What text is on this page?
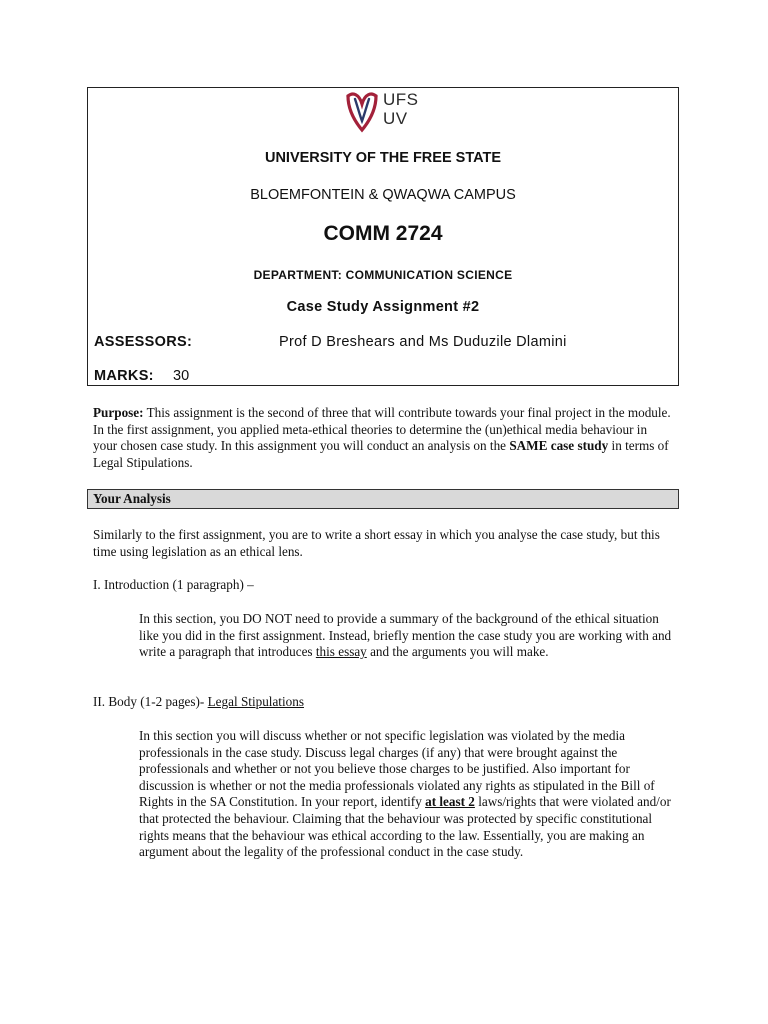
UFS
UV
UNIVERSITY OF THE FREE STATE
BLOEMFONTEIN & QWAQWA CAMPUS
COMM 2724
DEPARTMENT: COMMUNICATION SCIENCE
Case Study Assignment #2
ASSESSORS:	Prof D Breshears and Ms Duduzile Dlamini
MARKS: 30
Purpose: This assignment is the second of three that will contribute towards your final project in the module. In the first assignment, you applied meta-ethical theories to determine the (un)ethical media behaviour in your chosen case study. In this assignment you will conduct an analysis on the SAME case study in terms of Legal Stipulations.
Your Analysis
Similarly to the first assignment, you are to write a short essay in which you analyse the case study, but this time using legislation as an ethical lens.
I. Introduction (1 paragraph) –
In this section, you DO NOT need to provide a summary of the background of the ethical situation like you did in the first assignment. Instead, briefly mention the case study you are working with and write a paragraph that introduces this essay and the arguments you will make.
II. Body (1-2 pages)- Legal Stipulations
In this section you will discuss whether or not specific legislation was violated by the media professionals in the case study. Discuss legal charges (if any) that were brought against the professionals and whether or not you believe those charges to be justified. Also important for discussion is whether or not the media professionals violated any rights as stipulated in the Bill of Rights in the SA Constitution. In your report, identify at least 2 laws/rights that were violated and/or that protected the behaviour. Claiming that the behaviour was protected by specific constitutional rights means that the behaviour was ethical according to the law. Essentially, you are making an argument about the legality of the professional conduct in the case study.
